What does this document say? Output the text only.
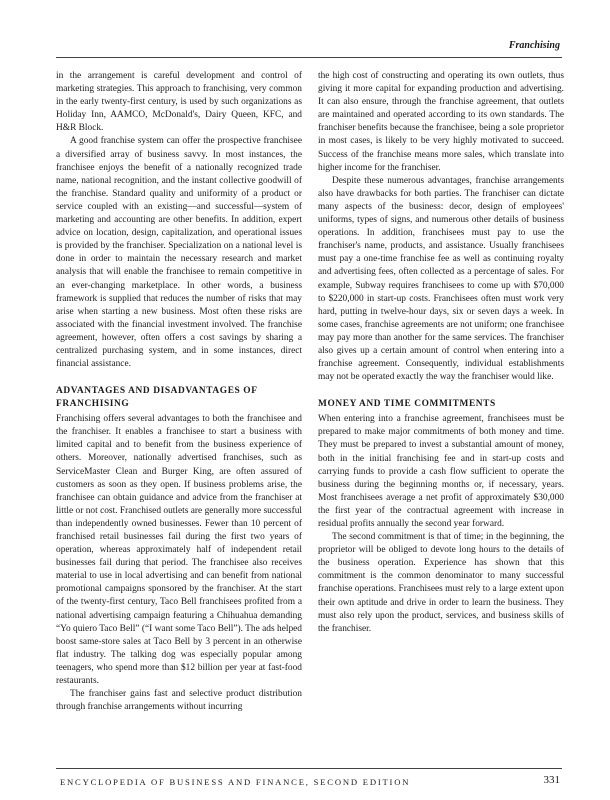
Franchising

in the arrangement is careful development and control of marketing strategies. This approach to franchising, very common in the early twenty-first century, is used by such organizations as Holiday Inn, AAMCO, McDonald's, Dairy Queen, KFC, and H&R Block.

A good franchise system can offer the prospective franchisee a diversified array of business savvy. In most instances, the franchisee enjoys the benefit of a nationally recognized trade name, national recognition, and the instant collective goodwill of the franchise. Standard quality and uniformity of a product or service coupled with an existing—and successful—system of marketing and accounting are other benefits. In addition, expert advice on location, design, capitalization, and operational issues is provided by the franchiser. Specialization on a national level is done in order to maintain the necessary research and market analysis that will enable the franchisee to remain competitive in an ever-changing marketplace. In other words, a business framework is supplied that reduces the number of risks that may arise when starting a new business. Most often these risks are associated with the financial investment involved. The franchise agreement, however, often offers a cost savings by sharing a centralized purchasing system, and in some instances, direct financial assistance.

ADVANTAGES AND DISADVANTAGES OF FRANCHISING

Franchising offers several advantages to both the franchisee and the franchiser. It enables a franchisee to start a business with limited capital and to benefit from the business experience of others. Moreover, nationally advertised franchises, such as ServiceMaster Clean and Burger King, are often assured of customers as soon as they open. If business problems arise, the franchisee can obtain guidance and advice from the franchiser at little or not cost. Franchised outlets are generally more successful than independently owned businesses. Fewer than 10 percent of franchised retail businesses fail during the first two years of operation, whereas approximately half of independent retail businesses fail during that period. The franchisee also receives material to use in local advertising and can benefit from national promotional campaigns sponsored by the franchiser. At the start of the twenty-first century, Taco Bell franchisees profited from a national advertising campaign featuring a Chihuahua demanding “Yo quiero Taco Bell” (“I want some Taco Bell”). The ads helped boost same-store sales at Taco Bell by 3 percent in an otherwise flat industry. The talking dog was especially popular among teenagers, who spend more than $12 billion per year at fast-food restaurants.

The franchiser gains fast and selective product distribution through franchise arrangements without incurring

the high cost of constructing and operating its own outlets, thus giving it more capital for expanding production and advertising. It can also ensure, through the franchise agreement, that outlets are maintained and operated according to its own standards. The franchiser benefits because the franchisee, being a sole proprietor in most cases, is likely to be very highly motivated to succeed. Success of the franchise means more sales, which translate into higher income for the franchiser.

Despite these numerous advantages, franchise arrangements also have drawbacks for both parties. The franchiser can dictate many aspects of the business: decor, design of employees' uniforms, types of signs, and numerous other details of business operations. In addition, franchisees must pay to use the franchiser's name, products, and assistance. Usually franchisees must pay a one-time franchise fee as well as continuing royalty and advertising fees, often collected as a percentage of sales. For example, Subway requires franchisees to come up with $70,000 to $220,000 in start-up costs. Franchisees often must work very hard, putting in twelve-hour days, six or seven days a week. In some cases, franchise agreements are not uniform; one franchisee may pay more than another for the same services. The franchiser also gives up a certain amount of control when entering into a franchise agreement. Consequently, individual establishments may not be operated exactly the way the franchiser would like.

MONEY AND TIME COMMITMENTS

When entering into a franchise agreement, franchisees must be prepared to make major commitments of both money and time. They must be prepared to invest a substantial amount of money, both in the initial franchising fee and in start-up costs and carrying funds to provide a cash flow sufficient to operate the business during the beginning months or, if necessary, years. Most franchisees average a net profit of approximately $30,000 the first year of the contractual agreement with increase in residual profits annually the second year forward.

The second commitment is that of time; in the beginning, the proprietor will be obliged to devote long hours to the details of the business operation. Experience has shown that this commitment is the common denominator to many successful franchise operations. Franchisees must rely to a large extent upon their own aptitude and drive in order to learn the business. They must also rely upon the product, services, and business skills of the franchiser.

ENCYCLOPEDIA OF BUSINESS AND FINANCE, SECOND EDITION	331
